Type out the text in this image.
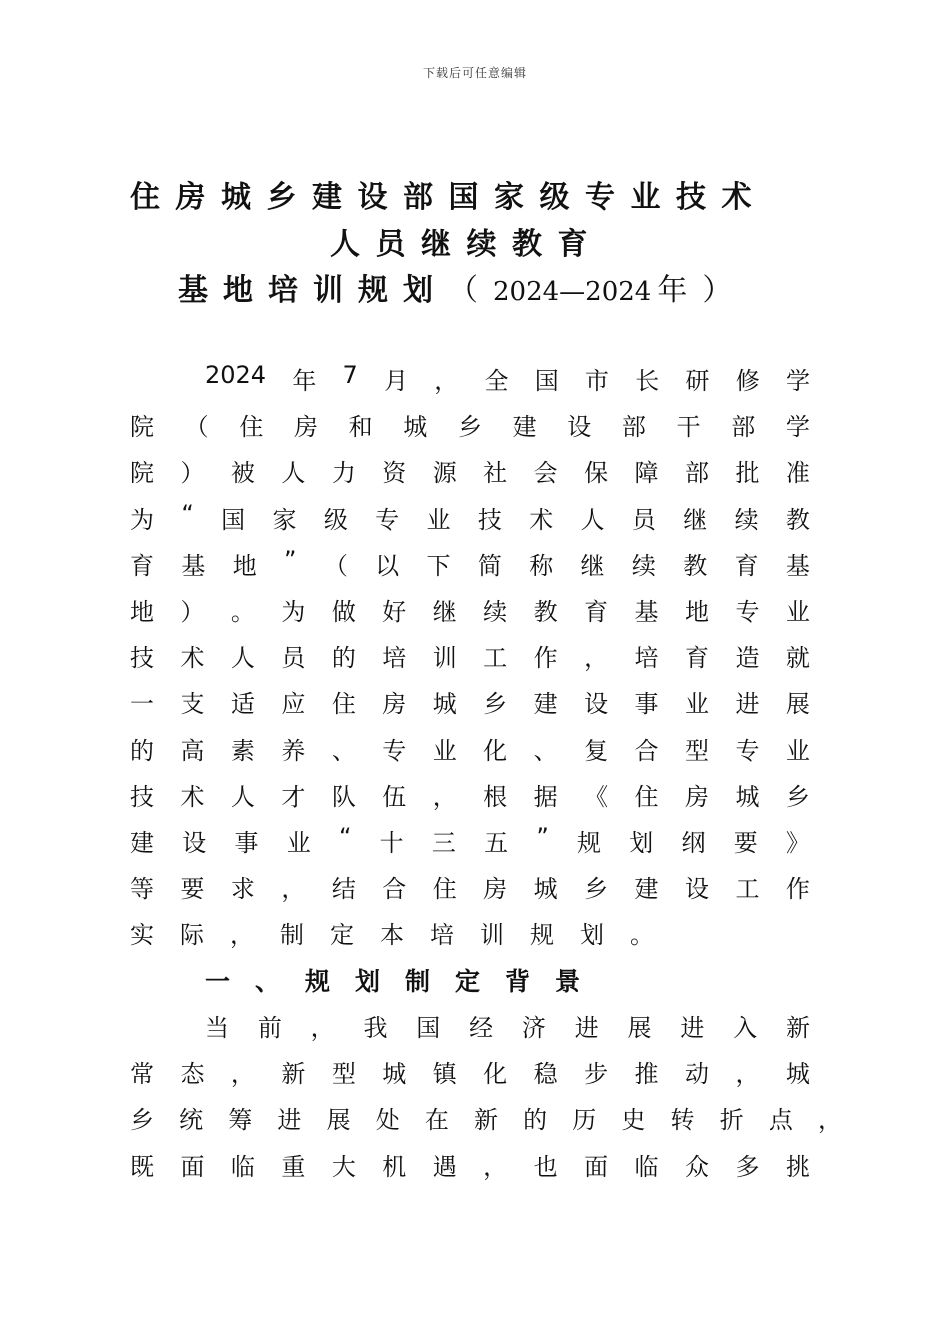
下载后可任意编辑
住房城乡建设部国家级专业技术
人员继续教育
基地培训规划（2024—2024 年）
2024 年 7 月 ， 全 国 市 长 研 修 学
院 （ 住 房 和 城 乡 建 设 部 干 部 学
院 ） 被 人 力 资 源 社 会 保 障 部 批 准
为 “ 国 家 级 专 业 技 术 人 员 继 续 教
育 基 地 ” （ 以 下 简 称 继 续 教 育 基
地 ） 。 为 做 好 继 续 教 育 基 地 专 业
技 术 人 员 的 培 训 工 作 ， 培 育 造 就
一 支 适 应 住 房 城 乡 建 设 事 业 进 展
的 高 素 养 、 专 业 化 、 复 合 型 专 业
技 术 人 才 队 伍 ， 根 据 《 住 房 城 乡
建 设 事 业 “ 十 三 五 ” 规 划 纲 要 》
等 要 求 ， 结 合 住 房 城 乡 建 设 工 作
实 际 ， 制 定 本 培 训 规 划 。
一、规划制定背景
当 前 ， 我 国 经 济 进 展 进 入 新
常 态 ， 新 型 城 镇 化 稳 步 推 动 ， 城
乡 统 筹 进 展 处 在 新 的 历 史 转 折 点 ，
既 面 临 重 大 机 遇 ， 也 面 临 众 多 挑
